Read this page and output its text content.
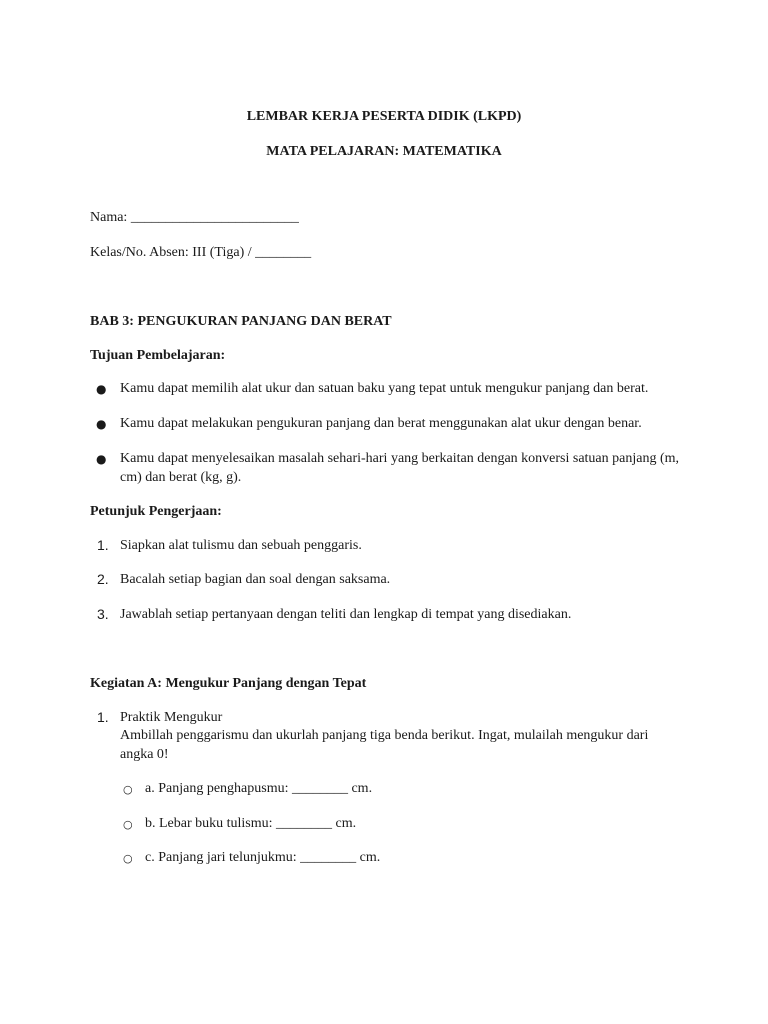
LEMBAR KERJA PESERTA DIDIK (LKPD)
MATA PELAJARAN: MATEMATIKA
Nama: ________________________
Kelas/No. Absen: III (Tiga) / ________
BAB 3: PENGUKURAN PANJANG DAN BERAT
Tujuan Pembelajaran:
● Kamu dapat memilih alat ukur dan satuan baku yang tepat untuk mengukur panjang dan berat.
● Kamu dapat melakukan pengukuran panjang dan berat menggunakan alat ukur dengan benar.
● Kamu dapat menyelesaikan masalah sehari-hari yang berkaitan dengan konversi satuan panjang (m, cm) dan berat (kg, g).
Petunjuk Pengerjaan:
1. Siapkan alat tulismu dan sebuah penggaris.
2. Bacalah setiap bagian dan soal dengan saksama.
3. Jawablah setiap pertanyaan dengan teliti dan lengkap di tempat yang disediakan.
Kegiatan A: Mengukur Panjang dengan Tepat
1. Praktik Mengukur
Ambillah penggarismu dan ukurlah panjang tiga benda berikut. Ingat, mulailah mengukur dari angka 0!
○ a. Panjang penghapusmu: ________ cm.
○ b. Lebar buku tulismu: ________ cm.
○ c. Panjang jari telunjukmu: ________ cm.
